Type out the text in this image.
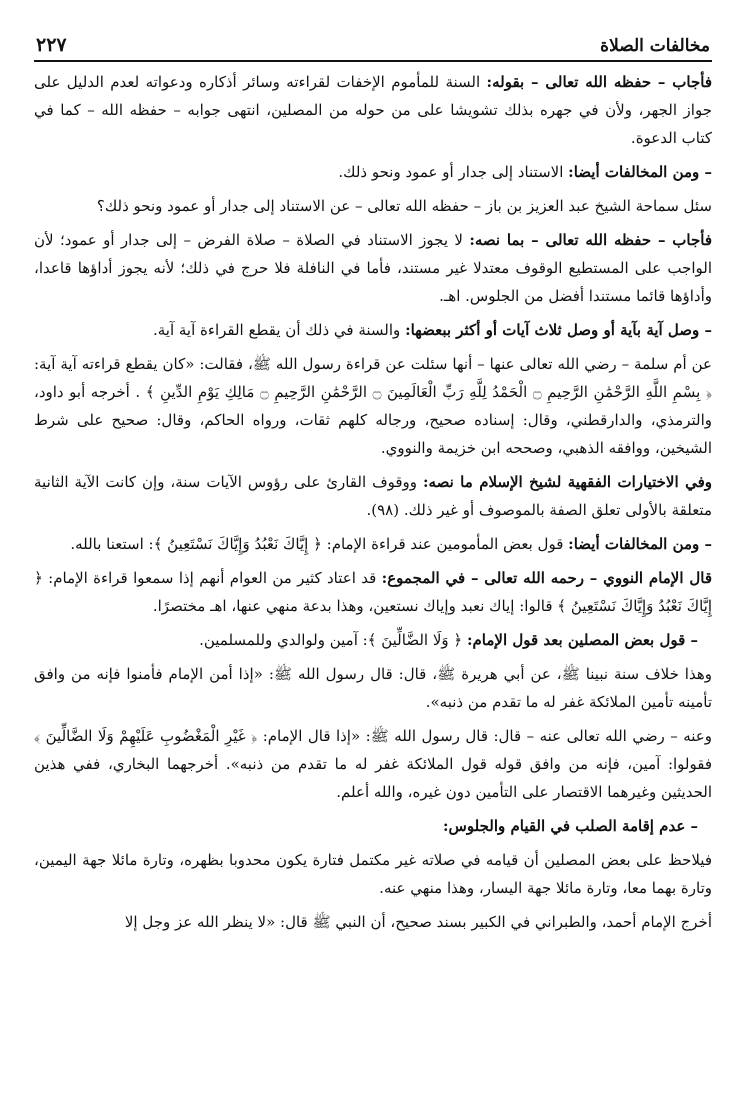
مخالفات الصلاة
٢٢٧

فأجاب – حفظه الله تعالى – بقوله: السنة للمأموم الإخفات لقراءته وسائر أذكاره ودعواته لعدم الدليل على جواز الجهر، ولأن في جهره بذلك تشويشا على من حوله من المصلين، انتهى جوابه – حفظه الله – كما في كتاب الدعوة.

– ومن المخالفات أيضا: الاستناد إلى جدار أو عمود ونحو ذلك.

سئل سماحة الشيخ عبد العزيز بن باز – حفظه الله تعالى – عن الاستناد إلى جدار أو عمود ونحو ذلك؟

فأجاب – حفظه الله تعالى – بما نصه: لا يجوز الاستناد في الصلاة – صلاة الفرض – إلى جدار أو عمود؛ لأن الواجب على المستطيع الوقوف معتدلا غير مستند، فأما في النافلة فلا حرج في ذلك؛ لأنه يجوز أداؤها قاعدا، وأداؤها قائما مستندا أفضل من الجلوس. اهـ.

– وصل آية بآية أو وصل ثلاث آيات أو أكثر ببعضها: والسنة في ذلك أن يقطع القراءة آية آية.

عن أم سلمة – رضي الله تعالى عنها – أنها سئلت عن قراءة رسول الله ﷺ، فقالت: «كان يقطع قراءته آية آية: ﴿ بِسْمِ اللَّهِ الرَّحْمَٰنِ الرَّحِيمِ ۝ الْحَمْدُ لِلَّهِ رَبِّ الْعَالَمِينَ ۝ الرَّحْمَٰنِ الرَّحِيمِ ۝ مَالِكِ يَوْمِ الدِّينِ ﴾ . أخرجه أبو داود، والترمذي، والدارقطني، وقال: إسناده صحيح، ورجاله كلهم ثقات، ورواه الحاكم، وقال: صحيح على شرط الشيخين، ووافقه الذهبي، وصححه ابن خزيمة والنووي.

وفي الاختيارات الفقهية لشيخ الإسلام ما نصه: ووقوف القارئ على رؤوس الآيات سنة، وإن كانت الآية الثانية متعلقة بالأولى تعلق الصفة بالموصوف أو غير ذلك. (٩٨).

– ومن المخالفات أيضا: قول بعض المأمومين عند قراءة الإمام: ﴿ إِيَّاكَ نَعْبُدُ وَإِيَّاكَ نَسْتَعِينُ ﴾: استعنا بالله.

قال الإمام النووي – رحمه الله تعالى – في المجموع: قد اعتاد كثير من العوام أنهم إذا سمعوا قراءة الإمام: ﴿ إِيَّاكَ نَعْبُدُ وَإِيَّاكَ نَسْتَعِينُ ﴾ قالوا: إياك نعبد وإياك نستعين، وهذا بدعة منهي عنها، اهـ مختصرًا.

– قول بعض المصلين بعد قول الإمام: ﴿ وَلَا الضَّالِّينَ ﴾: آمين ولوالدي وللمسلمين.

وهذا خلاف سنة نبينا ﷺ، عن أبي هريرة ﷺ، قال: قال رسول الله ﷺ: «إذا أمن الإمام فأمنوا فإنه من وافق تأمينه تأمين الملائكة غفر له ما تقدم من ذنبه».

وعنه – رضي الله تعالى عنه – قال: قال رسول الله ﷺ: «إذا قال الإمام: ﴿ غَيْرِ الْمَغْضُوبِ عَلَيْهِمْ وَلَا الضَّالِّينَ ﴾ فقولوا: آمين، فإنه من وافق قوله قول الملائكة غفر له ما تقدم من ذنبه». أخرجهما البخاري، ففي هذين الحديثين وغيرهما الاقتصار على التأمين دون غيره، والله أعلم.

– عدم إقامة الصلب في القيام والجلوس:

فيلاحظ على بعض المصلين أن قيامه في صلاته غير مكتمل فتارة يكون محدوبا بظهره، وتارة مائلا جهة اليمين، وتارة بهما معا، وتارة مائلا جهة اليسار، وهذا منهي عنه.

أخرج الإمام أحمد، والطبراني في الكبير بسند صحيح، أن النبي ﷺ قال: «لا ينظر الله عز وجل إلا
